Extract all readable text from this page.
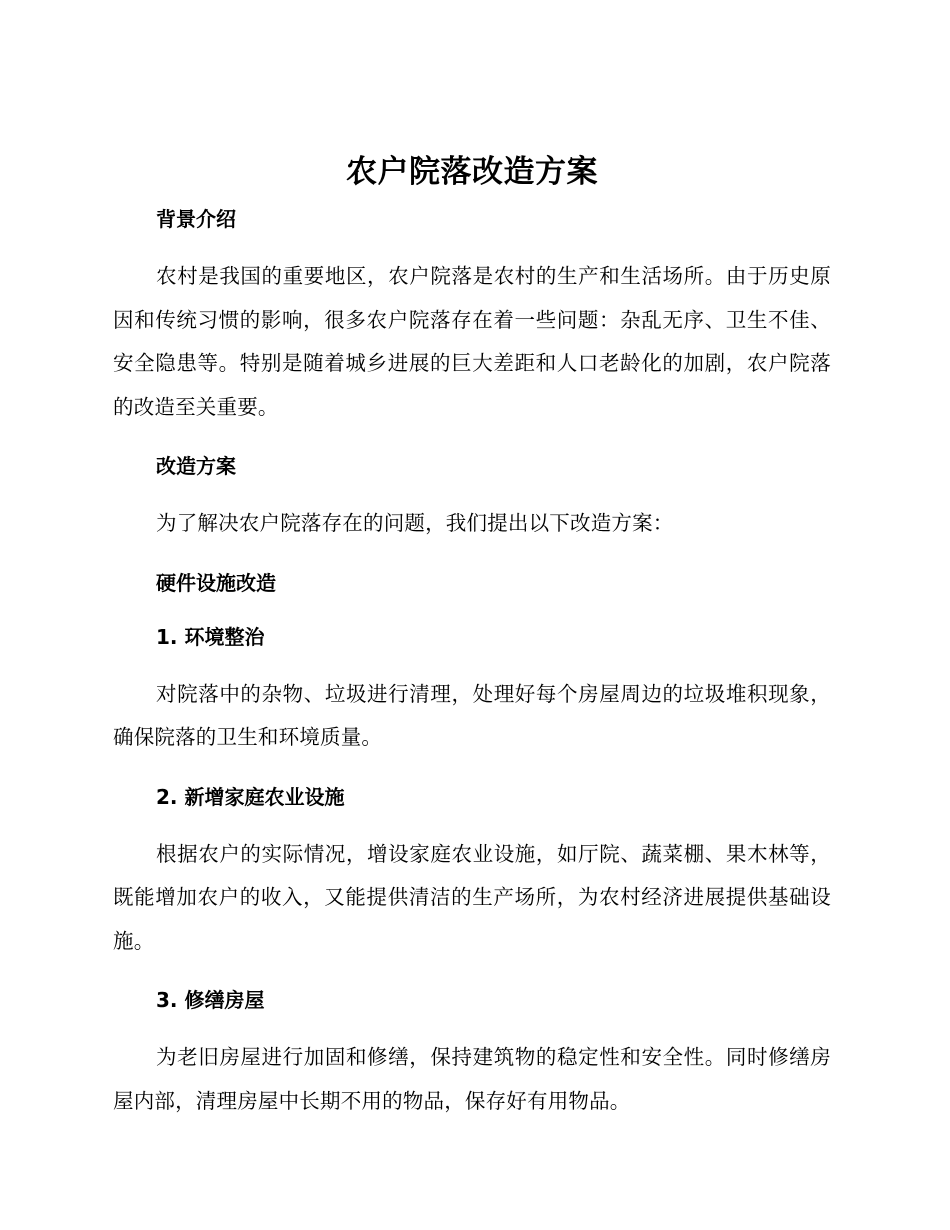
农户院落改造方案
背景介绍

农村是我国的重要地区，农户院落是农村的生产和生活场所。由于历史原因和传统习惯的影响，很多农户院落存在着一些问题：杂乱无序、卫生不佳、安全隐患等。特别是随着城乡进展的巨大差距和人口老龄化的加剧，农户院落的改造至关重要。

改造方案

为了解决农户院落存在的问题，我们提出以下改造方案：

硬件设施改造
1. 环境整治

对院落中的杂物、垃圾进行清理，处理好每个房屋周边的垃圾堆积现象，确保院落的卫生和环境质量。

2. 新增家庭农业设施

根据农户的实际情况，增设家庭农业设施，如厅院、蔬菜棚、果木林等，既能增加农户的收入，又能提供清洁的生产场所，为农村经济进展提供基础设施。

3. 修缮房屋

为老旧房屋进行加固和修缮，保持建筑物的稳定性和安全性。同时修缮房屋内部，清理房屋中长期不用的物品，保存好有用物品。
